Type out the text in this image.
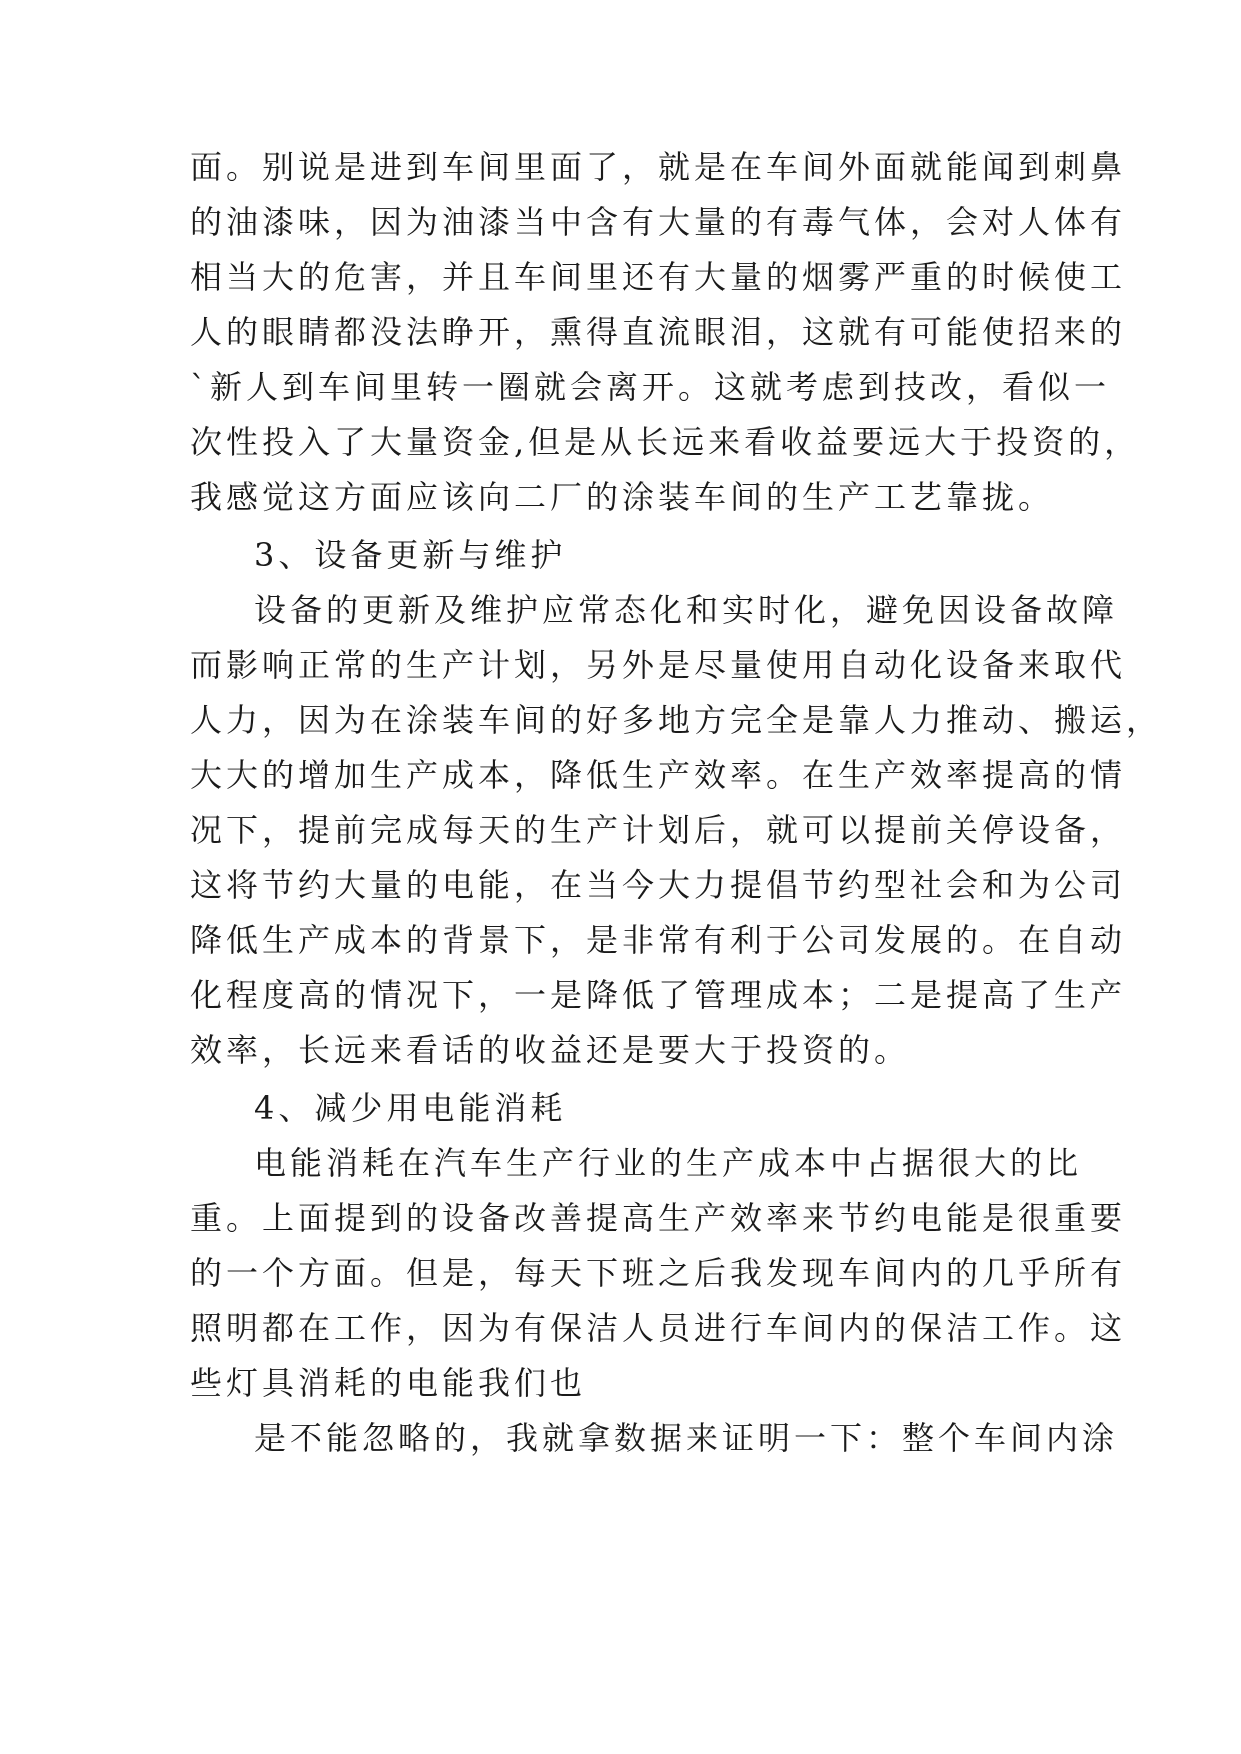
面。别说是进到车间里面了，就是在车间外面就能闻到刺鼻
的油漆味，因为油漆当中含有大量的有毒气体，会对人体有
相当大的危害，并且车间里还有大量的烟雾严重的时候使工
人的眼睛都没法睁开，熏得直流眼泪，这就有可能使招来的
`新人到车间里转一圈就会离开。这就考虑到技改，看似一
次性投入了大量资金,但是从长远来看收益要远大于投资的，
我感觉这方面应该向二厂的涂装车间的生产工艺靠拢。
3、设备更新与维护
设备的更新及维护应常态化和实时化，避免因设备故障
而影响正常的生产计划，另外是尽量使用自动化设备来取代
人力，因为在涂装车间的好多地方完全是靠人力推动、搬运，
大大的增加生产成本，降低生产效率。在生产效率提高的情
况下，提前完成每天的生产计划后，就可以提前关停设备，
这将节约大量的电能，在当今大力提倡节约型社会和为公司
降低生产成本的背景下，是非常有利于公司发展的。在自动
化程度高的情况下，一是降低了管理成本；二是提高了生产
效率，长远来看话的收益还是要大于投资的。
4、减少用电能消耗
电能消耗在汽车生产行业的生产成本中占据很大的比
重。上面提到的设备改善提高生产效率来节约电能是很重要
的一个方面。但是，每天下班之后我发现车间内的几乎所有
照明都在工作，因为有保洁人员进行车间内的保洁工作。这
些灯具消耗的电能我们也
是不能忽略的，我就拿数据来证明一下：整个车间内涂
